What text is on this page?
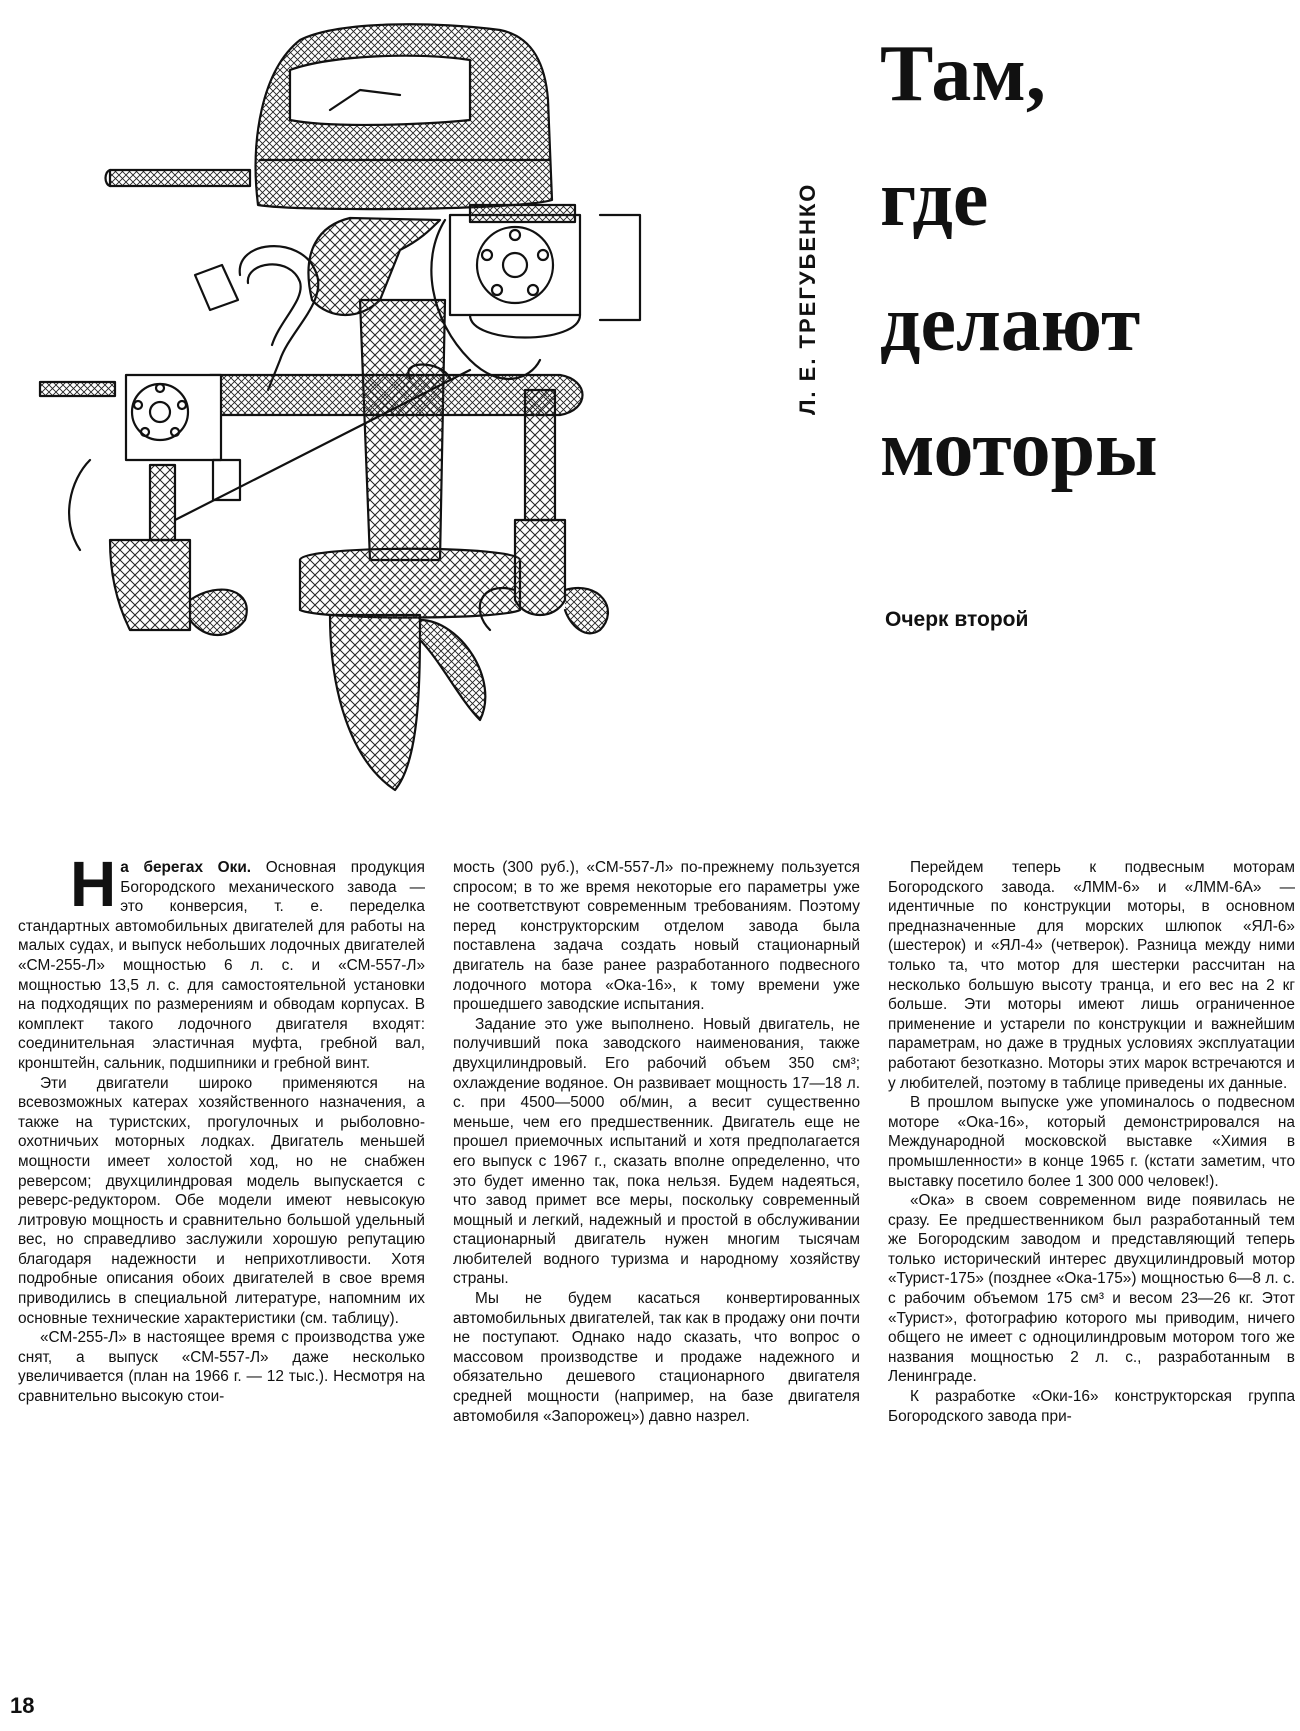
Л. Е. ТРЕГУБЕНКО
Там,
где
делают
моторы
Очерк второй

На берегах Оки. Основная продукция Богородского механического завода — это конверсия, т. е. переделка стандартных автомобильных двигателей для работы на малых судах, и выпуск небольших лодочных двигателей «СМ-255-Л» мощностью 6 л. с. и «СМ-557-Л» мощностью 13,5 л. с. для самостоятельной установки на подходящих по размерениям и обводам корпусах. В комплект такого лодочного двигателя входят: соединительная эластичная муфта, гребной вал, кронштейн, сальник, подшипники и гребной винт.

Эти двигатели широко применяются на всевозможных катерах хозяйственного назначения, а также на туристских, прогулочных и рыболовно-охотничьих моторных лодках. Двигатель меньшей мощности имеет холостой ход, но не снабжен реверсом; двухцилиндровая модель выпускается с реверс-редуктором. Обе модели имеют невысокую литровую мощность и сравнительно большой удельный вес, но справедливо заслужили хорошую репутацию благодаря надежности и неприхотливости. Хотя подробные описания обоих двигателей в свое время приводились в специальной литературе, напомним их основные технические характеристики (см. таблицу).

«СМ-255-Л» в настоящее время с производства уже снят, а выпуск «СМ-557-Л» даже несколько увеличивается (план на 1966 г. — 12 тыс.). Несмотря на сравнительно высокую стои-

мость (300 руб.), «СМ-557-Л» по-прежнему пользуется спросом; в то же время некоторые его параметры уже не соответствуют современным требованиям. Поэтому перед конструкторским отделом завода была поставлена задача создать новый стационарный двигатель на базе ранее разработанного подвесного лодочного мотора «Ока-16», к тому времени уже прошедшего заводские испытания.

Задание это уже выполнено. Новый двигатель, не получивший пока заводского наименования, также двухцилиндровый. Его рабочий объем 350 см³; охлаждение водяное. Он развивает мощность 17—18 л. с. при 4500—5000 об/мин, а весит существенно меньше, чем его предшественник. Двигатель еще не прошел приемочных испытаний и хотя предполагается его выпуск с 1967 г., сказать вполне определенно, что это будет именно так, пока нельзя. Будем надеяться, что завод примет все меры, поскольку современный мощный и легкий, надежный и простой в обслуживании стационарный двигатель нужен многим тысячам любителей водного туризма и народному хозяйству страны.

Мы не будем касаться конвертированных автомобильных двигателей, так как в продажу они почти не поступают. Однако надо сказать, что вопрос о массовом производстве и продаже надежного и обязательно дешевого стационарного двигателя средней мощности (например, на базе двигателя автомобиля «Запорожец») давно назрел.

Перейдем теперь к подвесным моторам Богородского завода. «ЛММ-6» и «ЛММ-6А» — идентичные по конструкции моторы, в основном предназначенные для морских шлюпок «ЯЛ-6» (шестерок) и «ЯЛ-4» (четверок). Разница между ними только та, что мотор для шестерки рассчитан на несколько большую высоту транца, и его вес на 2 кг больше. Эти моторы имеют лишь ограниченное применение и устарели по конструкции и важнейшим параметрам, но даже в трудных условиях эксплуатации работают безотказно. Моторы этих марок встречаются и у любителей, поэтому в таблице приведены их данные.

В прошлом выпуске уже упоминалось о подвесном моторе «Ока-16», который демонстрировался на Международной московской выставке «Химия в промышленности» в конце 1965 г. (кстати заметим, что выставку посетило более 1 300 000 человек!).

«Ока» в своем современном виде появилась не сразу. Ее предшественником был разработанный тем же Богородским заводом и представляющий теперь только исторический интерес двухцилиндровый мотор «Турист-175» (позднее «Ока-175») мощностью 6—8 л. с. с рабочим объемом 175 см³ и весом 23—26 кг. Этот «Турист», фотографию которого мы приводим, ничего общего не имеет с одноцилиндровым мотором того же названия мощностью 2 л. с., разработанным в Ленинграде.

К разработке «Оки-16» конструкторская группа Богородского завода при-

18
